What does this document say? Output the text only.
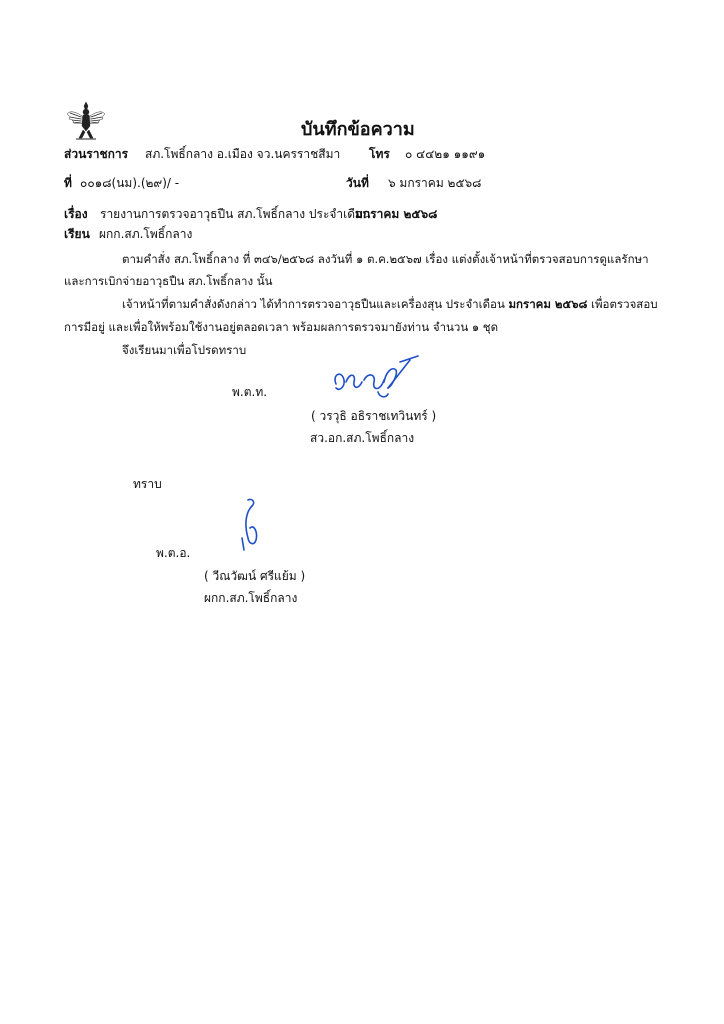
บันทึกข้อความ
ส่วนราชการ สภ.โพธิ์กลาง อ.เมือง จว.นครราชสีมา โทร ๐ ๔๔๒๑ ๑๑๙๑
ที่ ๐๐๑๘(นม).(๒๙)/ -	วันที่ ๖ มกราคม ๒๕๖๘
เรื่อง รายงานการตรวจอาวุธปืน สภ.โพธิ์กลาง ประจำเดือน
มกราคม ๒๕๖๘
เรียน ผกก.สภ.โพธิ์กลาง
ตามคำสั่ง สภ.โพธิ์กลาง ที่ ๓๔๖/๒๕๖๘ ลงวันที่ ๑ ต.ค.๒๕๖๗ เรื่อง แต่งตั้งเจ้าหน้าที่ตรวจสอบการดูแลรักษา
และการเบิกจ่ายอาวุธปืน สภ.โพธิ์กลาง นั้น
เจ้าหน้าที่ตามคำสั่งดังกล่าว ได้ทำการตรวจอาวุธปืนและเครื่องสุน ประจำเดือน มกราคม ๒๕๖๘ เพื่อตรวจสอบ
การมีอยู่ และเพื่อให้พร้อมใช้งานอยู่ตลอดเวลา พร้อมผลการตรวจมายังท่าน จำนวน ๑ ชุด
จึงเรียนมาเพื่อโปรดทราบ
พ.ต.ท.
( วรวุธิ อธิราชเทวินทร์ )
สว.อก.สภ.โพธิ์กลาง
ทราบ
พ.ต.อ.
( วีณวัฒน์ ศรีแย้ม )
ผกก.สภ.โพธิ์กลาง
